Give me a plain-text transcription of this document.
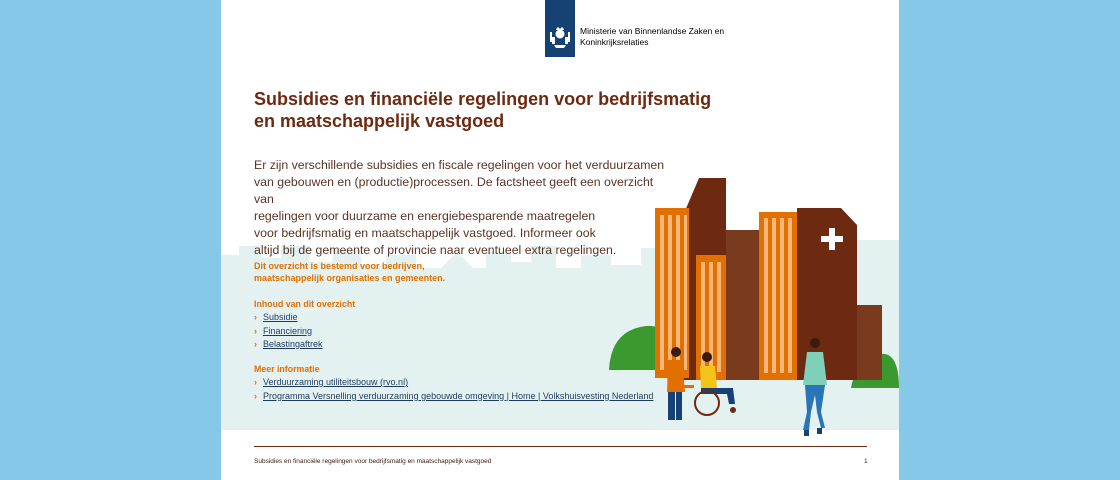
Ministerie van Binnenlandse Zaken en
Koninkrijksrelaties
Subsidies en financiële regelingen voor bedrijfsmatig
en maatschappelijk vastgoed

Er zijn verschillende subsidies en fiscale regelingen voor het verduurzamen
van gebouwen en (productie)processen. De factsheet geeft een overzicht van
regelingen voor duurzame en energiebesparende maatregelen
voor bedrijfsmatig en maatschappelijk vastgoed. Informeer ook
altijd bij de gemeente of provincie naar eventueel extra regelingen.

Dit overzicht is bestemd voor bedrijven,
maatschappelijk organisaties en gemeenten.

Inhoud van dit overzicht
› Subsidie
› Financiering
› Belastingaftrek
Meer informatie
› Verduurzaming utiliteitsbouw (rvo.nl)
› Programma Versnelling verduurzaming gebouwde omgeving | Home | Volkshuisvesting Nederland
Subsidies en financiële regelingen voor bedrijfsmatig en maatschappelijk vastgoed	1
